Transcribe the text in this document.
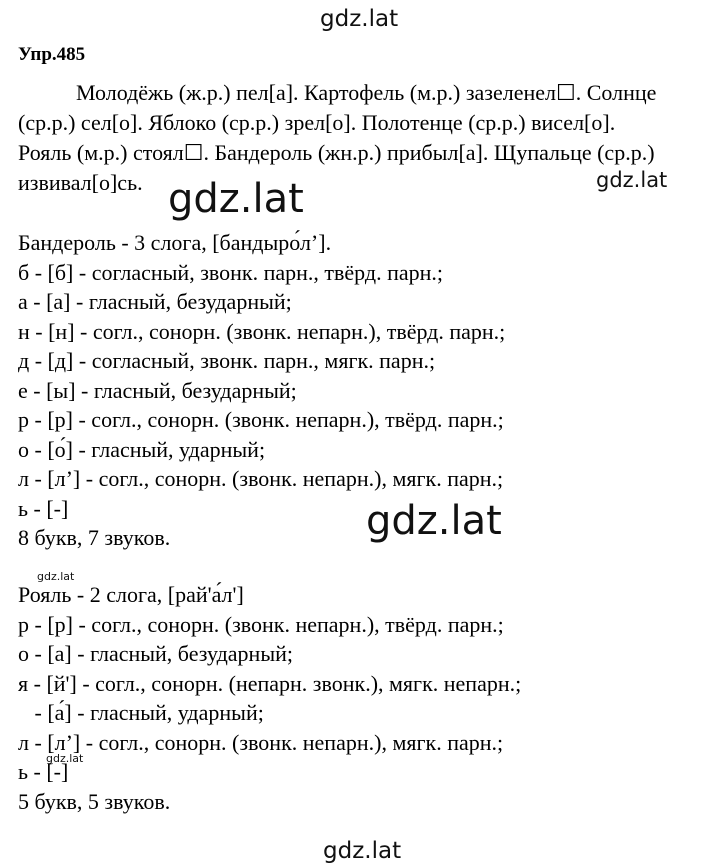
gdz.lat
Упр.485
Молодёжь (ж.р.) пел[а]. Картофель (м.р.) зазеленел☐. Солнце
(ср.р.) сел[о]. Яблоко (ср.р.) зрел[о]. Полотенце (ср.р.) висел[о].
Рояль (м.р.) стоял☐. Бандероль (жн.р.) прибыл[а]. Щупальце (ср.р.)
извивал[о]сь.	gdz.lat
gdz.lat
Бандероль - 3 слога, [бандыро́л’].
б - [б] - согласный, звонк. парн., твёрд. парн.;
а - [а] - гласный, безударный;
н - [н] - согл., сонорн. (звонк. непарн.), твёрд. парн.;
д - [д] - согласный, звонк. парн., мягк. парн.;
е - [ы] - гласный, безударный;
р - [р] - согл., сонорн. (звонк. непарн.), твёрд. парн.;
о - [о́] - гласный, ударный;
л - [л’] - согл., сонорн. (звонк. непарн.), мягк. парн.;
ь - [-]
8 букв, 7 звуков.	gdz.lat
gdz.lat
Рояль - 2 слога, [рай'а́л']
р - [р] - согл., сонорн. (звонк. непарн.), твёрд. парн.;
о - [а] - гласный, безударный;
я - [й'] - согл., сонорн. (непарн. звонк.), мягк. непарн.;
- [а́] - гласный, ударный;
л - [л’] - согл., сонорн. (звонк. непарн.), мягк. парн.;
ь - [-]
5 букв, 5 звуков.
gdz.lat
gdz.lat
